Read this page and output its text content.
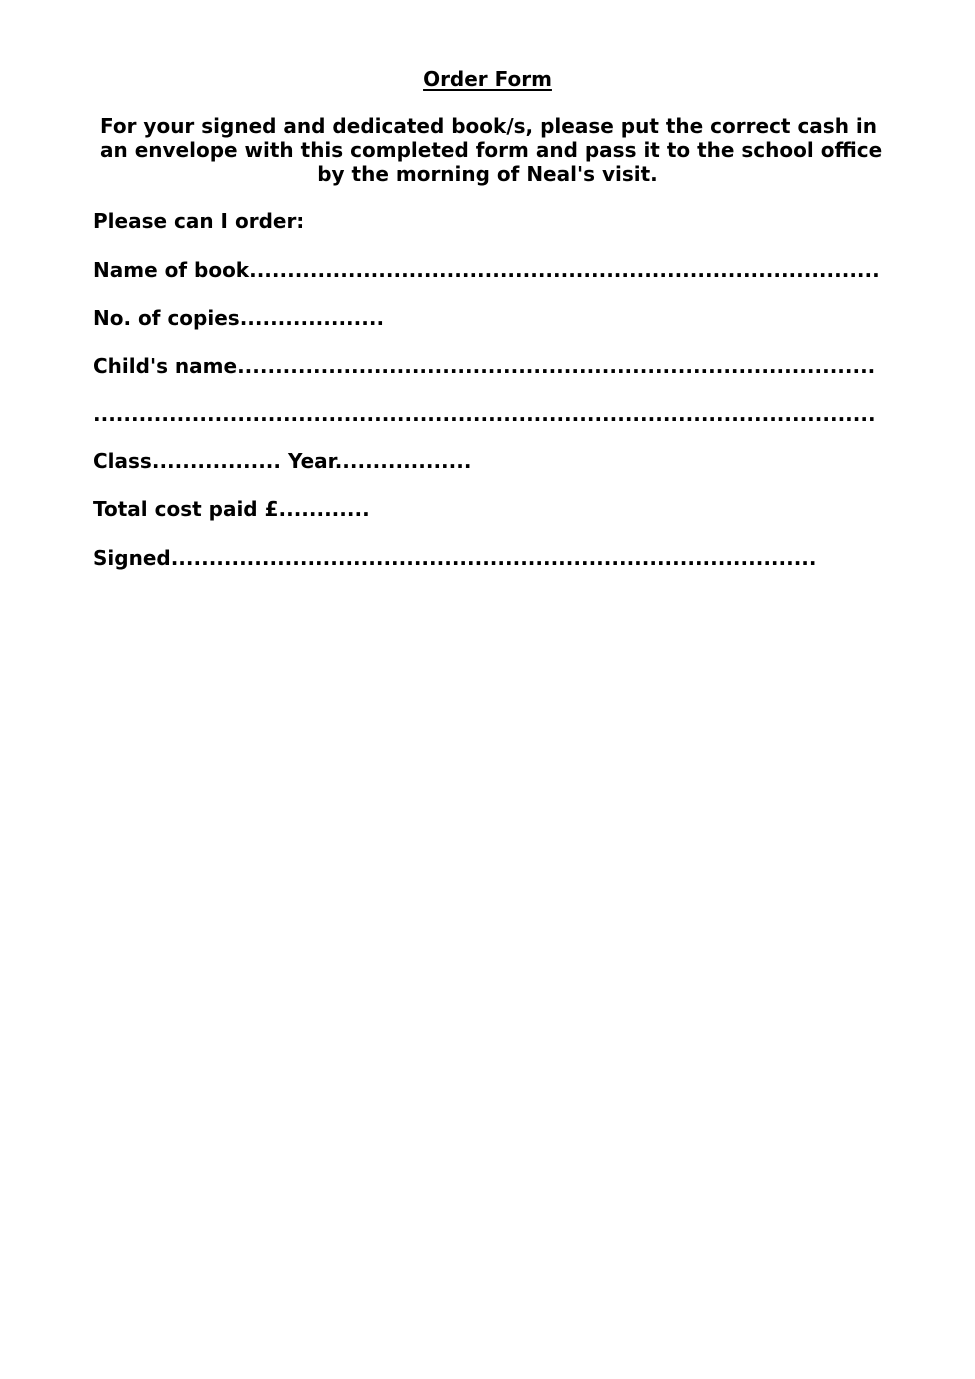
Order Form

For your signed and dedicated book/s, please put the correct cash in
an envelope with this completed form and pass it to the school office
by the morning of Neal's visit.

Please can I order:

Name of book...................................................................................

No. of copies...................

Child's name....................................................................................

.......................................................................................................

Class................. Year..................

Total cost paid £............

Signed.....................................................................................
